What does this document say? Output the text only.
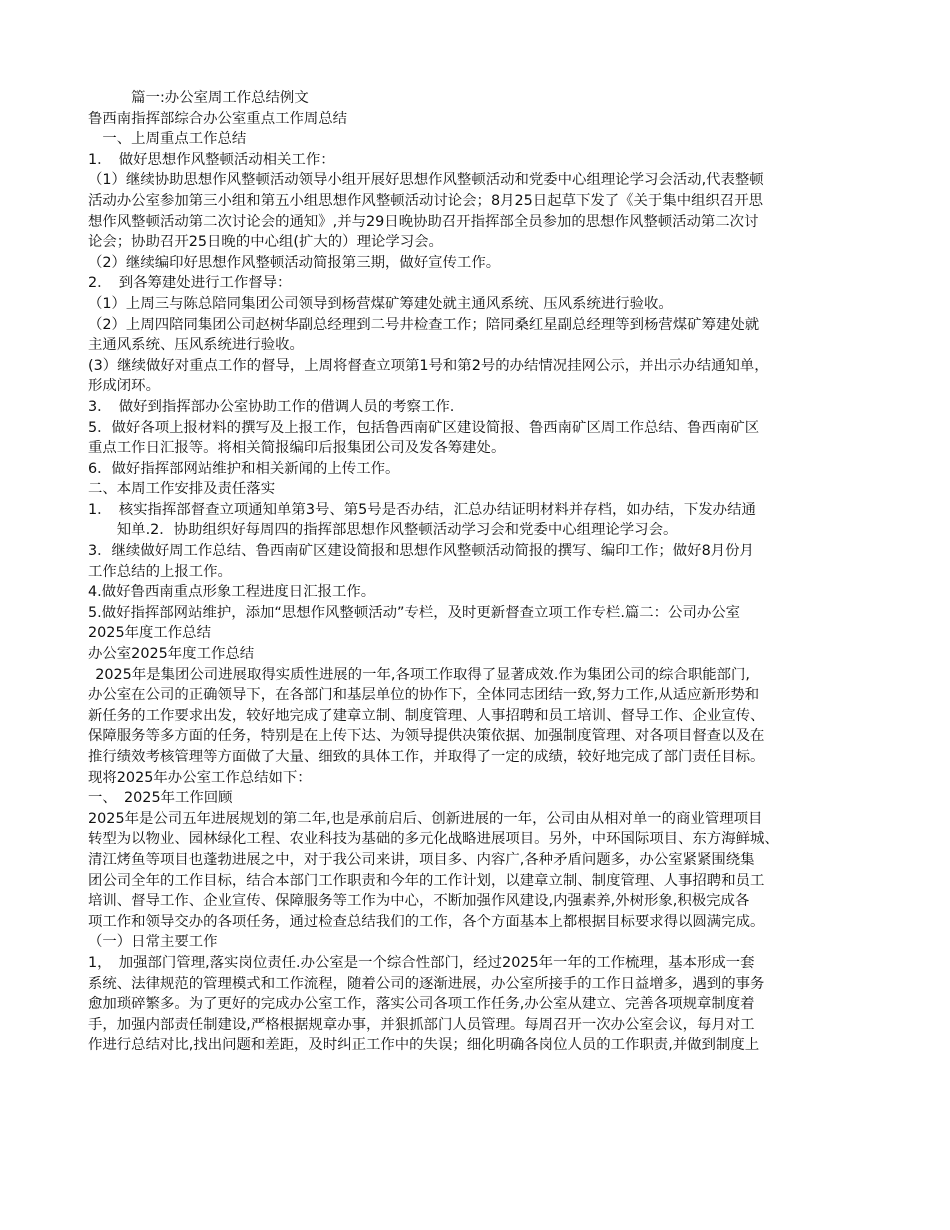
　　　篇一:办公室周工作总结例文
鲁西南指挥部综合办公室重点工作周总结
　一、上周重点工作总结
1．　做好思想作风整顿活动相关工作：
（1）继续协助思想作风整顿活动领导小组开展好思想作风整顿活动和党委中心组理论学习会活动,代表整顿
活动办公室参加第三小组和第五小组思想作风整顿活动讨论会；8月25日起草下发了《关于集中组织召开思
想作风整顿活动第二次讨论会的通知》,并与29日晚协助召开指挥部全员参加的思想作风整顿活动第二次讨
论会；协助召开25日晚的中心组(扩大的）理论学习会。
（2）继续编印好思想作风整顿活动简报第三期，做好宣传工作。
2．　到各筹建处进行工作督导：
（1）上周三与陈总陪同集团公司领导到杨营煤矿筹建处就主通风系统、压风系统进行验收。
（2）上周四陪同集团公司赵树华副总经理到二号井检查工作；陪同桑红星副总经理等到杨营煤矿筹建处就
主通风系统、压风系统进行验收。
(3）继续做好对重点工作的督导，上周将督查立项第1号和第2号的办结情况挂网公示，并出示办结通知单，
形成闭环。
3．　做好到指挥部办公室协助工作的借调人员的考察工作.
5．做好各项上报材料的撰写及上报工作，包括鲁西南矿区建设简报、鲁西南矿区周工作总结、鲁西南矿区
重点工作日汇报等。将相关简报编印后报集团公司及发各筹建处。
6．做好指挥部网站维护和相关新闻的上传工作。
二、本周工作安排及责任落实
1．　核实指挥部督查立项通知单第3号、第5号是否办结，汇总办结证明材料并存档，如办结，下发办结通
　　知单.2．协助组织好每周四的指挥部思想作风整顿活动学习会和党委中心组理论学习会。
3．继续做好周工作总结、鲁西南矿区建设简报和思想作风整顿活动简报的撰写、编印工作；做好8月份月
工作总结的上报工作。
4.做好鲁西南重点形象工程进度日汇报工作。
5.做好指挥部网站维护，添加“思想作风整顿活动”专栏，及时更新督查立项工作专栏.篇二：公司办公室
2025年度工作总结
办公室2025年度工作总结
 2025年是集团公司进展取得实质性进展的一年,各项工作取得了显著成效.作为集团公司的综合职能部门,
办公室在公司的正确领导下，在各部门和基层单位的协作下，全体同志团结一致,努力工作,从适应新形势和
新任务的工作要求出发，较好地完成了建章立制、制度管理、人事招聘和员工培训、督导工作、企业宣传、
保障服务等多方面的任务，特别是在上传下达、为领导提供决策依据、加强制度管理、对各项目督查以及在
推行绩效考核管理等方面做了大量、细致的具体工作，并取得了一定的成绩，较好地完成了部门责任目标。
现将2025年办公室工作总结如下：
一、　2025年工作回顾
2025年是公司五年进展规划的第二年,也是承前启后、创新进展的一年，公司由从相对单一的商业管理项目
转型为以物业、园林绿化工程、农业科技为基础的多元化战略进展项目。另外，中环国际项目、东方海鲜城、
清江烤鱼等项目也蓬勃进展之中，对于我公司来讲，项目多、内容广,各种矛盾问题多，办公室紧紧围绕集
团公司全年的工作目标，结合本部门工作职责和今年的工作计划，以建章立制、制度管理、人事招聘和员工
培训、督导工作、企业宣传、保障服务等工作为中心，不断加强作风建设,内强素养,外树形象,积极完成各
项工作和领导交办的各项任务，通过检查总结我们的工作，各个方面基本上都根据目标要求得以圆满完成。
（一）日常主要工作
1，　加强部门管理,落实岗位责任.办公室是一个综合性部门，经过2025年一年的工作梳理，基本形成一套
系统、法律规范的管理模式和工作流程，随着公司的逐渐进展，办公室所接手的工作日益增多，遇到的事务
愈加琐碎繁多。为了更好的完成办公室工作，落实公司各项工作任务,办公室从建立、完善各项规章制度着
手，加强内部责任制建设,严格根据规章办事，并狠抓部门人员管理。每周召开一次办公室会议，每月对工
作进行总结对比,找出问题和差距，及时纠正工作中的失误；细化明确各岗位人员的工作职责,并做到制度上
